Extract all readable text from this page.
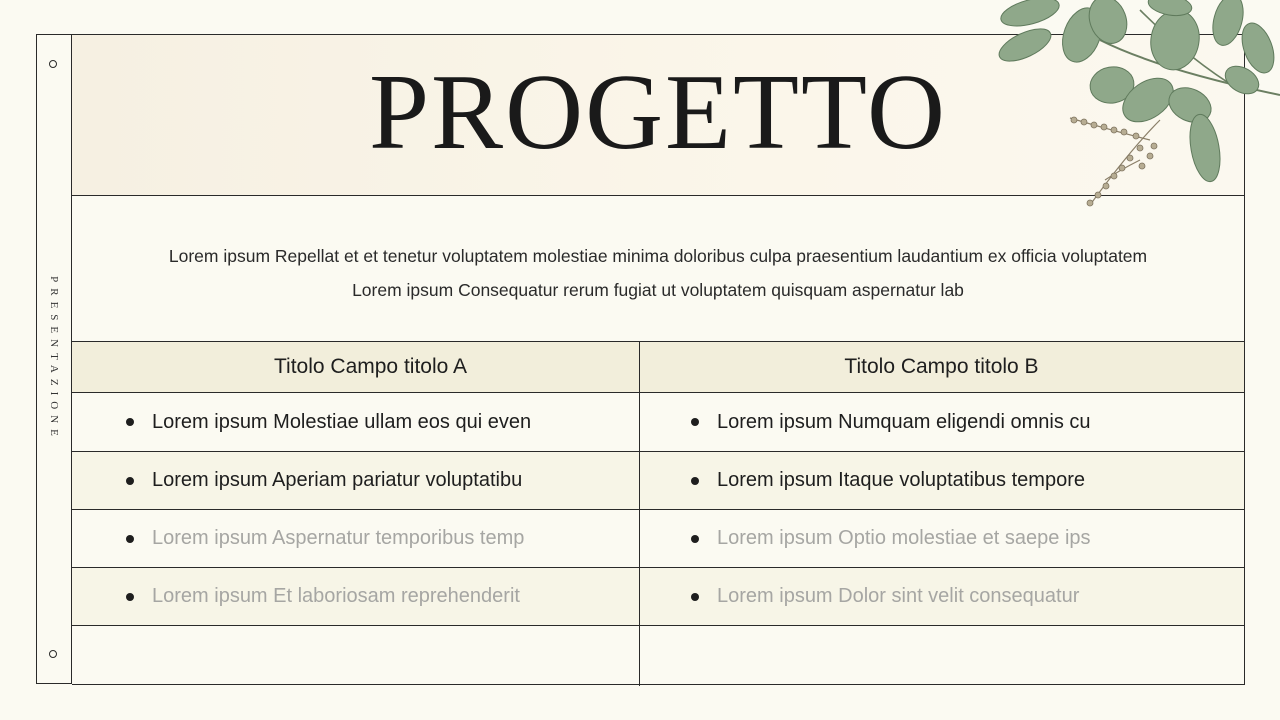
PRESENTAZIONE
PROGETTO
Lorem ipsum Repellat et et tenetur voluptatem molestiae minima doloribus culpa praesentium laudantium ex officia voluptatem
Lorem ipsum Consequatur rerum fugiat ut voluptatem quisquam aspernatur lab
Titolo Campo titolo A	Titolo Campo titolo B
Lorem ipsum Molestiae ullam eos qui even	Lorem ipsum Numquam eligendi omnis cu
Lorem ipsum Aperiam pariatur voluptatibu	Lorem ipsum Itaque voluptatibus tempore
Lorem ipsum Aspernatur temporibus temp	Lorem ipsum Optio molestiae et saepe ips
Lorem ipsum Et laboriosam reprehenderit	Lorem ipsum Dolor sint velit consequatur
